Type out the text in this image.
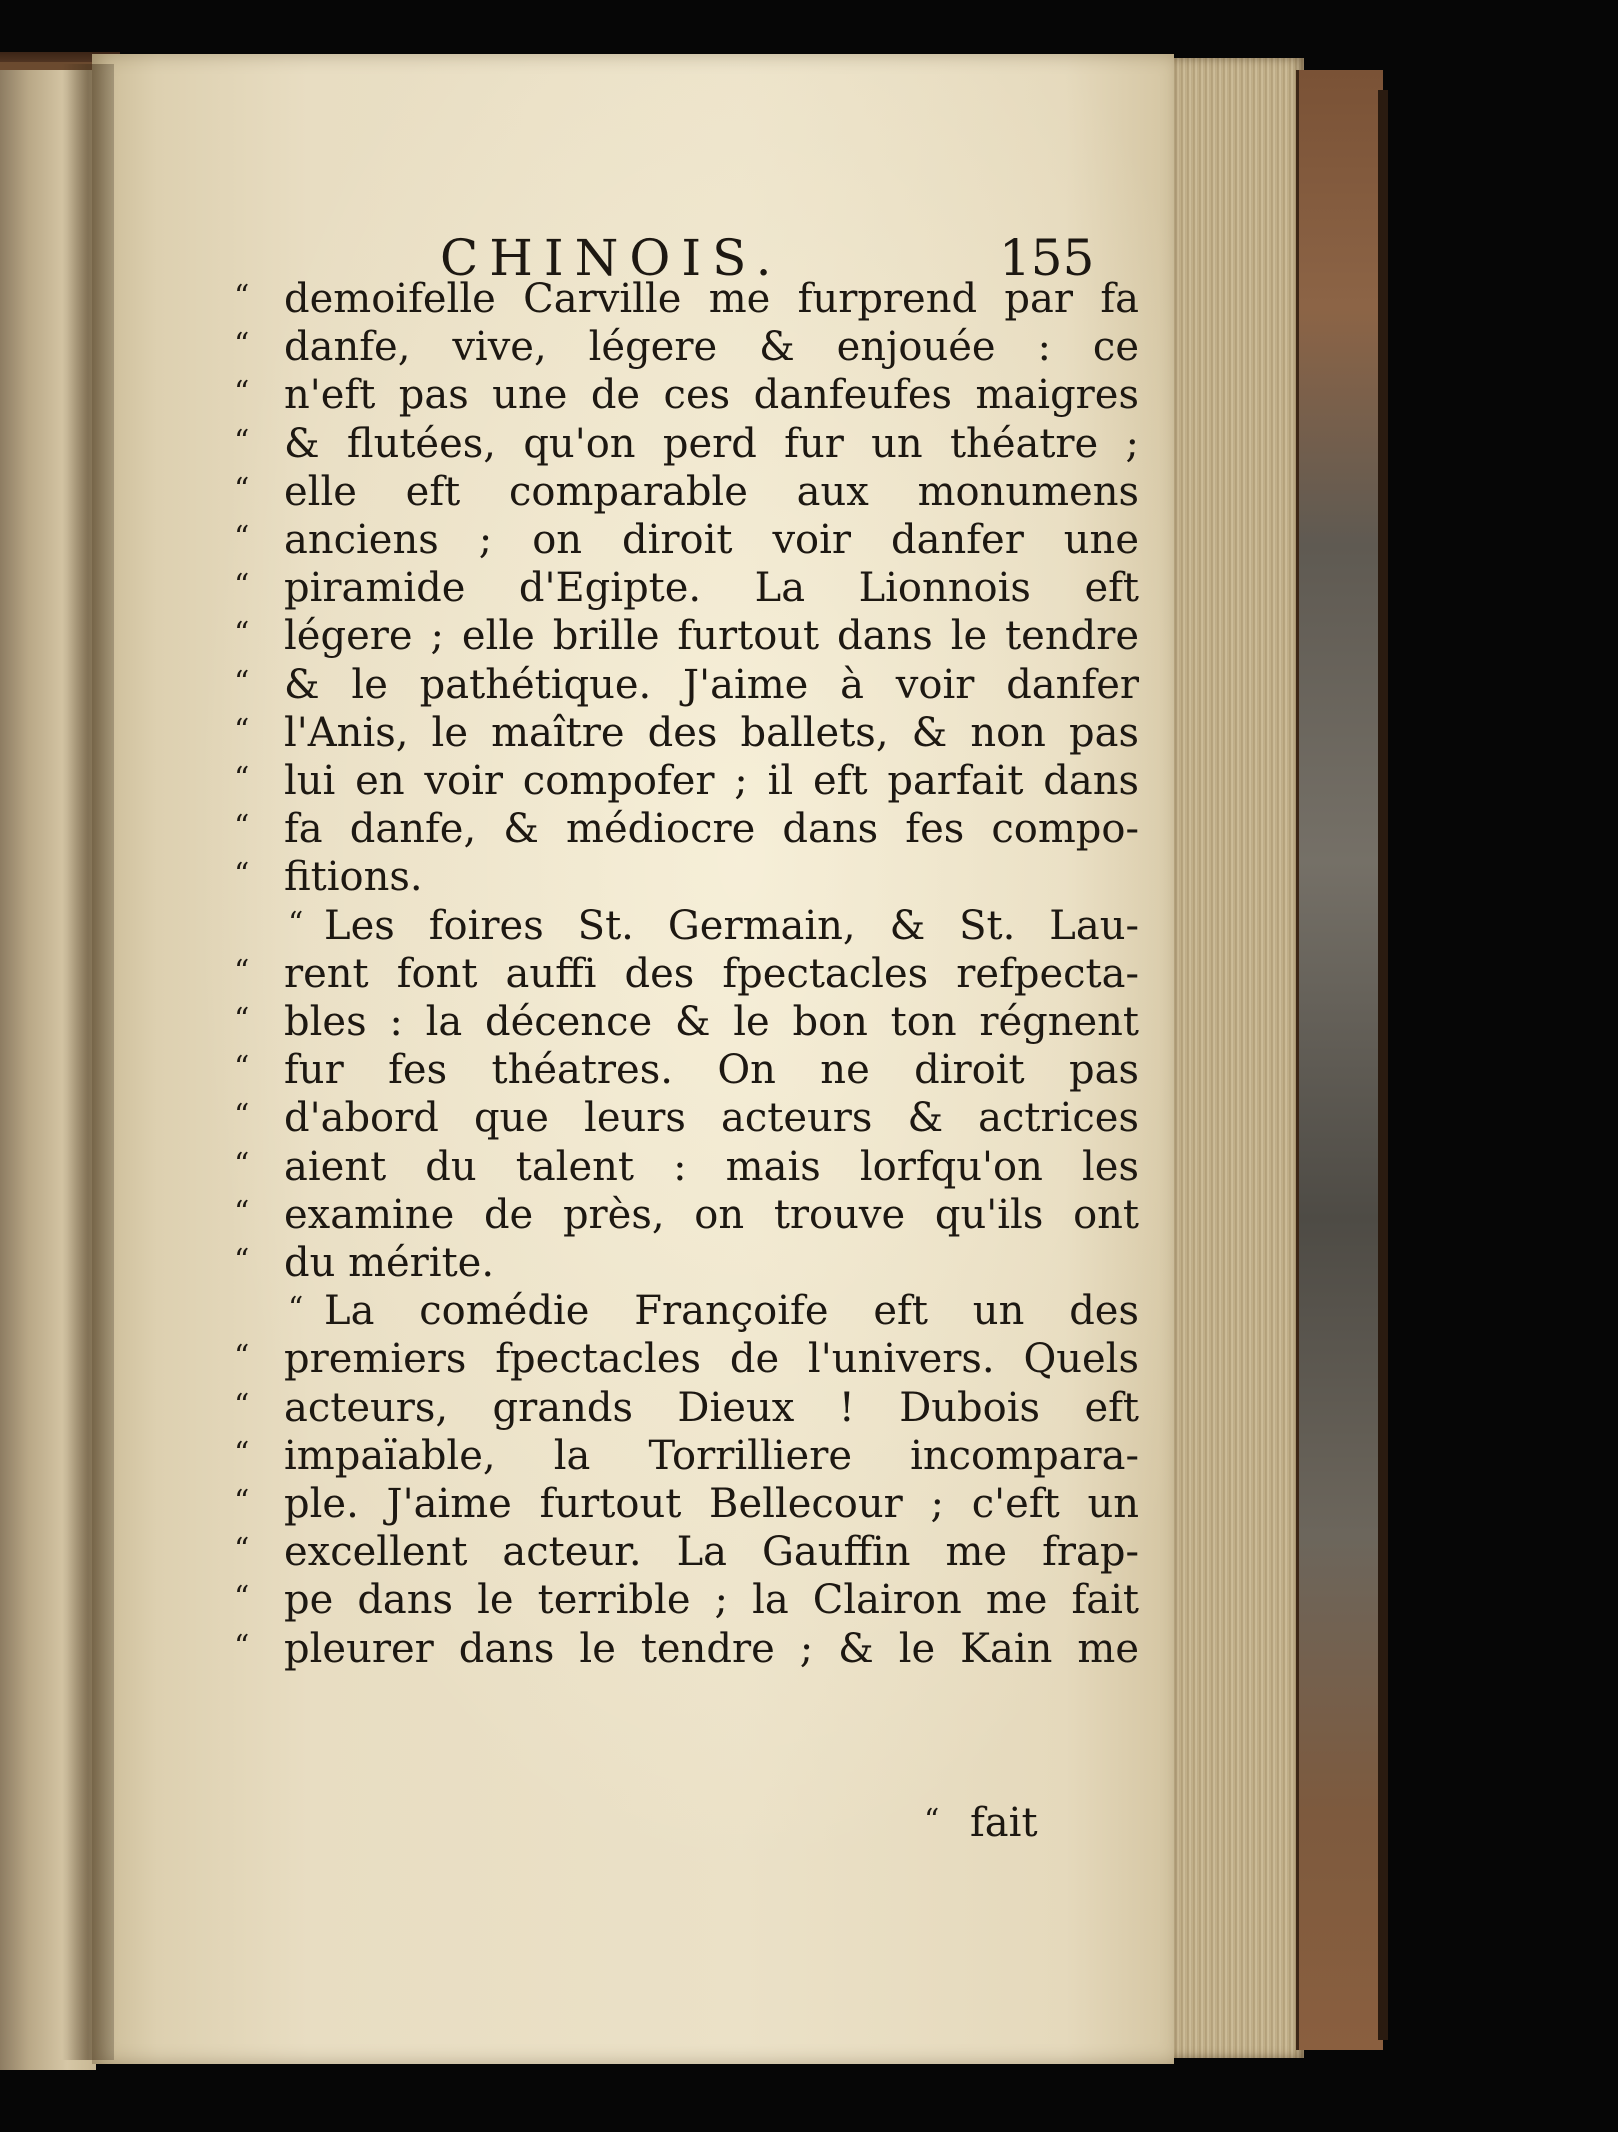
CHINOIS.	155
“ demoifelle Carville me furprend par fa
“ danfe, vive, légere & enjouée : ce
“ n'eft pas une de ces danfeufes maigres
“ & flutées, qu'on perd fur un théatre ;
“ elle eft comparable aux monumens
“ anciens ; on diroit voir danfer une
“ piramide d'Egipte. La Lionnois eft
“ légere ; elle brille furtout dans le tendre
“ & le pathétique. J'aime à voir danfer
“ l'Anis, le maître des ballets, & non pas
“ lui en voir compofer ; il eft parfait dans
“ fa danfe, & médiocre dans fes compo-
“ fitions.
“ Les foires St. Germain, & St. Lau-
“ rent font auffi des fpectacles refpecta-
“ bles : la décence & le bon ton régnent
“ fur fes théatres. On ne diroit pas
“ d'abord que leurs acteurs & actrices
“ aient du talent : mais lorfqu'on les
“ examine de près, on trouve qu'ils ont
“ du mérite.
“ La comédie Françoife eft un des
“ premiers fpectacles de l'univers. Quels
“ acteurs, grands Dieux ! Dubois eft
“ impaïable, la Torrilliere incompara-
“ ple. J'aime furtout Bellecour ; c'eft un
“ excellent acteur. La Gauffin me frap-
“ pe dans le terrible ; la Clairon me fait
“ pleurer dans le tendre ; & le Kain me
“ fait
